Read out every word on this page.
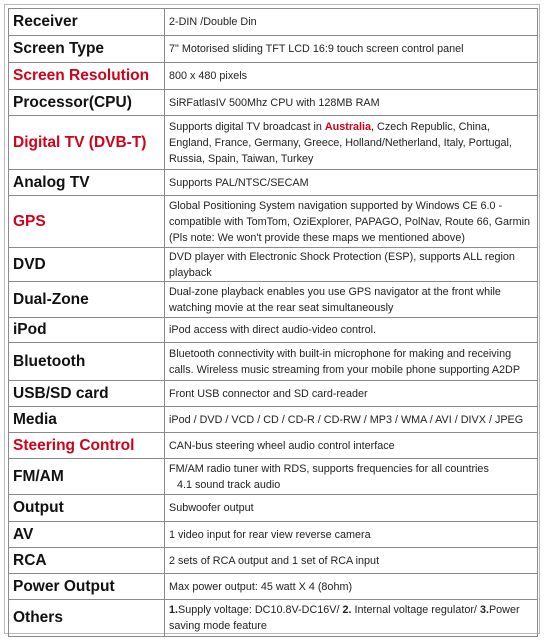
Receiver	2-DIN /Double Din
Screen Type	7" Motorised sliding TFT LCD 16:9 touch screen control panel
Screen Resolution	800 x 480 pixels
Processor(CPU)	SiRFatlasIV 500Mhz CPU with 128MB RAM
Digital TV (DVB-T)	Supports digital TV broadcast in Australia, Czech Republic, China, England, France, Germany, Greece, Holland/Netherland, Italy, Portugal, Russia, Spain, Taiwan, Turkey
Analog TV	Supports PAL/NTSC/SECAM
GPS	Global Positioning System navigation supported by Windows CE 6.0 - compatible with TomTom, OziExplorer, PAPAGO, PolNav, Route 66, Garmin (Pls note: We won't provide these maps we mentioned above)
DVD	DVD player with Electronic Shock Protection (ESP), supports ALL region playback
Dual-Zone	Dual-zone playback enables you use GPS navigator at the front while watching movie at the rear seat simultaneously
iPod	iPod access with direct audio-video control.
Bluetooth	Bluetooth connectivity with built-in microphone for making and receiving calls. Wireless music streaming from your mobile phone supporting A2DP
USB/SD card	Front USB connector and SD card-reader
Media	iPod / DVD / VCD / CD / CD-R / CD-RW / MP3 / WMA / AVI / DIVX / JPEG
Steering Control	CAN-bus steering wheel audio control interface
FM/AM	FM/AM radio tuner with RDS, supports frequencies for all countries
4.1 sound track audio

Output	Subwoofer output
AV	1 video input for rear view reverse camera
RCA	2 sets of RCA output and 1 set of RCA input
Power Output	Max power output: 45 watt X 4 (8ohm)
Others	1.Supply voltage: DC10.8V-DC16V/ 2. Internal voltage regulator/ 3.Power saving mode feature
